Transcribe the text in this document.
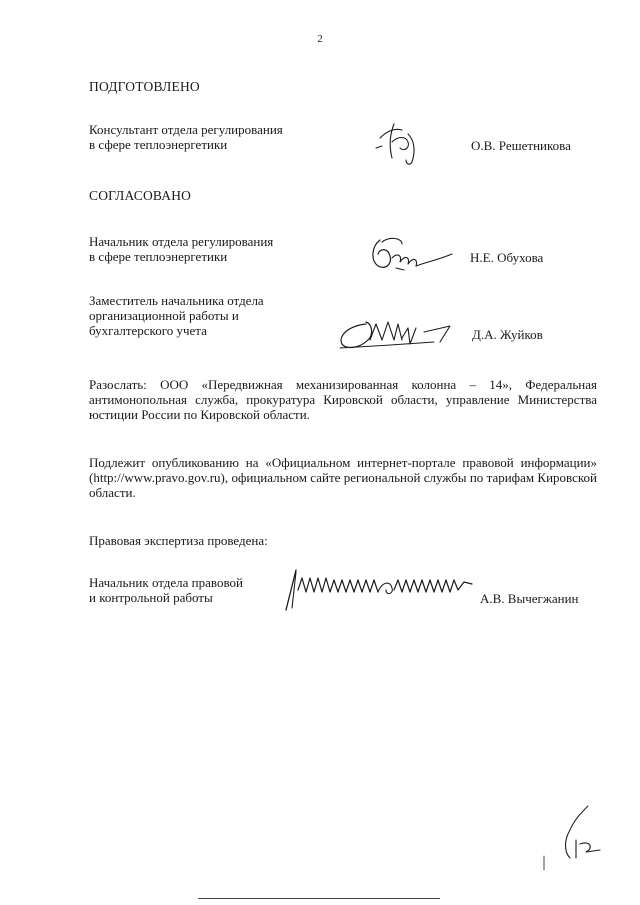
2
ПОДГОТОВЛЕНО
Консультант отдела регулирования
в сфере теплоэнергетики	О.В. Решетникова
СОГЛАСОВАНО
Начальник отдела регулирования
в сфере теплоэнергетики	Н.Е. Обухова
Заместитель начальника отдела
организационной работы и
бухгалтерского учета	Д.А. Жуйков
Разослать: ООО «Передвижная механизированная колонна – 14», Федеральная антимонопольная служба, прокуратура Кировской области, управление Министерства юстиции России по Кировской области.
Подлежит опубликованию на «Официальном интернет-портале правовой информации» (http://www.pravo.gov.ru), официальном сайте региональной службы по тарифам Кировской области.
Правовая экспертиза проведена:
Начальник отдела правовой
и контрольной работы	А.В. Вычегжанин
